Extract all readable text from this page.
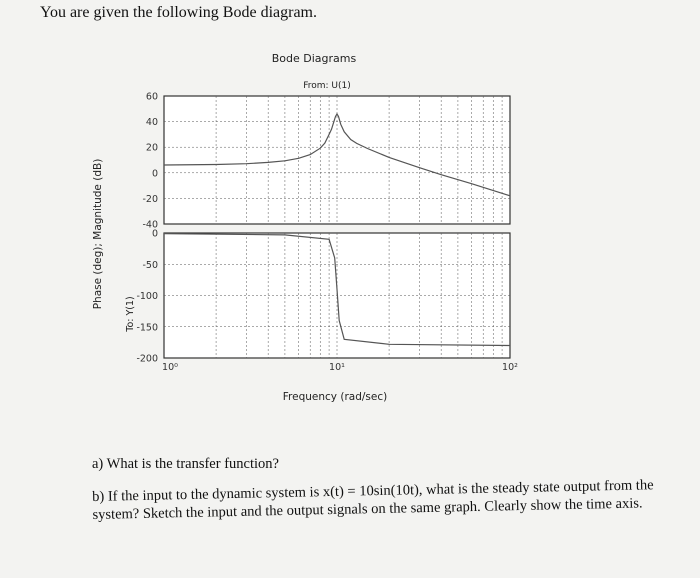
You are given the following Bode diagram.
Bode Diagrams
From: U(1)
Phase (deg); Magnitude (dB)
To: Y(1)
Frequency (rad/sec)
60
40
20
0
-20
-40
0
-50
-100
-150
-200
10⁰	10¹	10²
a) What is the transfer function?
b) If the input to the dynamic system is x(t) = 10sin(10t), what is the steady state output from the system? Sketch the input and the output signals on the same graph. Clearly show the time axis.
